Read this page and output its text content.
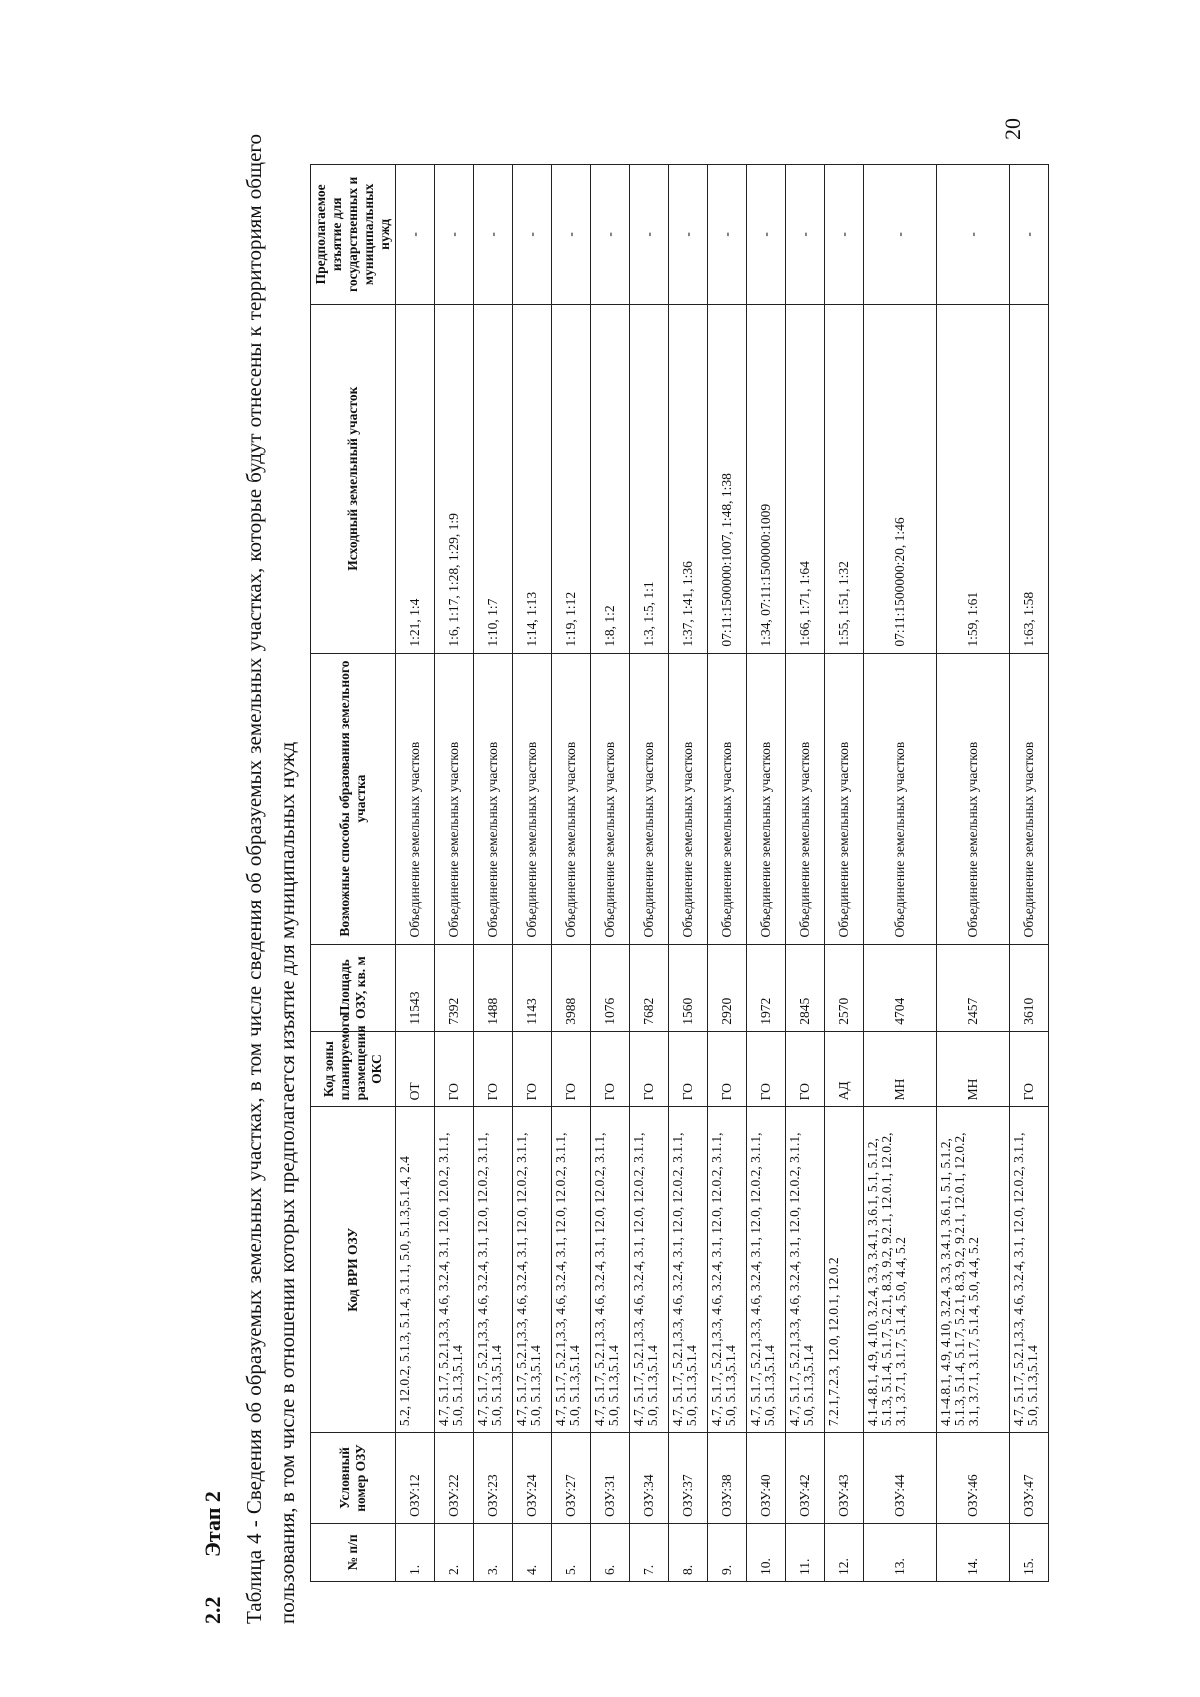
20
2.2 Этап 2 Таблица 4 - Сведения об образуемых земельных участках, в том числе сведения об образуемых земельных участках, которые будут отнесены к территориям общего пользования, в том числе в отношении которых предполагается изъятие для муниципальных нужд	№ п/п	Условный номер ОЗУ	Код ВРИ ОЗУ	Код зоны планируемого размещения ОКС	Площадь ОЗУ, кв. м	Возможные способы образования земельного участка	Исходный земельный участок	Предполагаемое изъятие для государственных и муниципальных нужд
1.	ОЗУ:12	5.2, 12.0.2, 5.1.3, 5.1.4, 3.1.1, 5.0, 5.1.3,5.1.4, 2.4	ОТ	11543	Объединение земельных участков	1:21, 1:4	-
2.	ОЗУ:22	4.7, 5.1.7, 5.2.1,3.3, 4.6, 3.2.4, 3.1, 12.0, 12.0.2, 3.1.1, 5.0, 5.1.3,5.1.4	ГО	7392	Объединение земельных участков	1:6, 1:17, 1:28, 1:29, 1:9	-
3.	ОЗУ:23	4.7, 5.1.7, 5.2.1,3.3, 4.6, 3.2.4, 3.1, 12.0, 12.0.2, 3.1.1, 5.0, 5.1.3,5.1.4	ГО	1488	Объединение земельных участков	1:10, 1:7	-
4.	ОЗУ:24	4.7, 5.1.7, 5.2.1,3.3, 4.6, 3.2.4, 3.1, 12.0, 12.0.2, 3.1.1, 5.0, 5.1.3,5.1.4	ГО	1143	Объединение земельных участков	1:14, 1:13	-
5.	ОЗУ:27	4.7, 5.1.7, 5.2.1,3.3, 4.6, 3.2.4, 3.1, 12.0, 12.0.2, 3.1.1, 5.0, 5.1.3,5.1.4	ГО	3988	Объединение земельных участков	1:19, 1:12	-
6.	ОЗУ:31	4.7, 5.1.7, 5.2.1,3.3, 4.6, 3.2.4, 3.1, 12.0, 12.0.2, 3.1.1, 5.0, 5.1.3,5.1.4	ГО	1076	Объединение земельных участков	1:8, 1:2	-
7.	ОЗУ:34	4.7, 5.1.7, 5.2.1,3.3, 4.6, 3.2.4, 3.1, 12.0, 12.0.2, 3.1.1, 5.0, 5.1.3,5.1.4	ГО	7682	Объединение земельных участков	1:3, 1:5, 1:1	-
8.	ОЗУ:37	4.7, 5.1.7, 5.2.1,3.3, 4.6, 3.2.4, 3.1, 12.0, 12.0.2, 3.1.1, 5.0, 5.1.3,5.1.4	ГО	1560	Объединение земельных участков	1:37, 1:41, 1:36	-
9.	ОЗУ:38	4.7, 5.1.7, 5.2.1,3.3, 4.6, 3.2.4, 3.1, 12.0, 12.0.2, 3.1.1, 5.0, 5.1.3,5.1.4	ГО	2920	Объединение земельных участков	07:11:1500000:1007, 1:48, 1:38	-
10.	ОЗУ:40	4.7, 5.1.7, 5.2.1,3.3, 4.6, 3.2.4, 3.1, 12.0, 12.0.2, 3.1.1, 5.0, 5.1.3,5.1.4	ГО	1972	Объединение земельных участков	1:34, 07:11:1500000:1009	-
11.	ОЗУ:42	4.7, 5.1.7, 5.2.1,3.3, 4.6, 3.2.4, 3.1, 12.0, 12.0.2, 3.1.1, 5.0, 5.1.3,5.1.4	ГО	2845	Объединение земельных участков	1:66, 1:71, 1:64	-
12.	ОЗУ:43	7.2.1,7.2.3, 12.0, 12.0.1, 12.0.2	АД	2570	Объединение земельных участков	1:55, 1:51, 1:32	-
13.	ОЗУ:44	4.1-4.8.1, 4.9, 4.10, 3.2.4, 3.3, 3.4.1, 3.6.1, 5.1, 5.1.2, 5.1.3, 5.1.4, 5.1.7, 5.2.1, 8.3, 9.2, 9.2.1, 12.0.1, 12.0.2, 3.1, 3.7.1, 3.1.7, 5.1.4, 5.0, 4.4, 5.2	МН	4704	Объединение земельных участков	07:11:1500000:20, 1:46	-
14.	ОЗУ:46	4.1-4.8.1, 4.9, 4.10, 3.2.4, 3.3, 3.4.1, 3.6.1, 5.1, 5.1.2, 5.1.3, 5.1.4, 5.1.7, 5.2.1, 8.3, 9.2, 9.2.1, 12.0.1, 12.0.2, 3.1, 3.7.1, 3.1.7, 5.1.4, 5.0, 4.4, 5.2	МН	2457	Объединение земельных участков	1:59, 1:61	-
15.	ОЗУ:47	4.7, 5.1.7, 5.2.1,3.3, 4.6, 3.2.4, 3.1, 12.0, 12.0.2, 3.1.1, 5.0, 5.1.3,5.1.4	ГО	3610	Объединение земельных участков	1:63, 1:58	-
